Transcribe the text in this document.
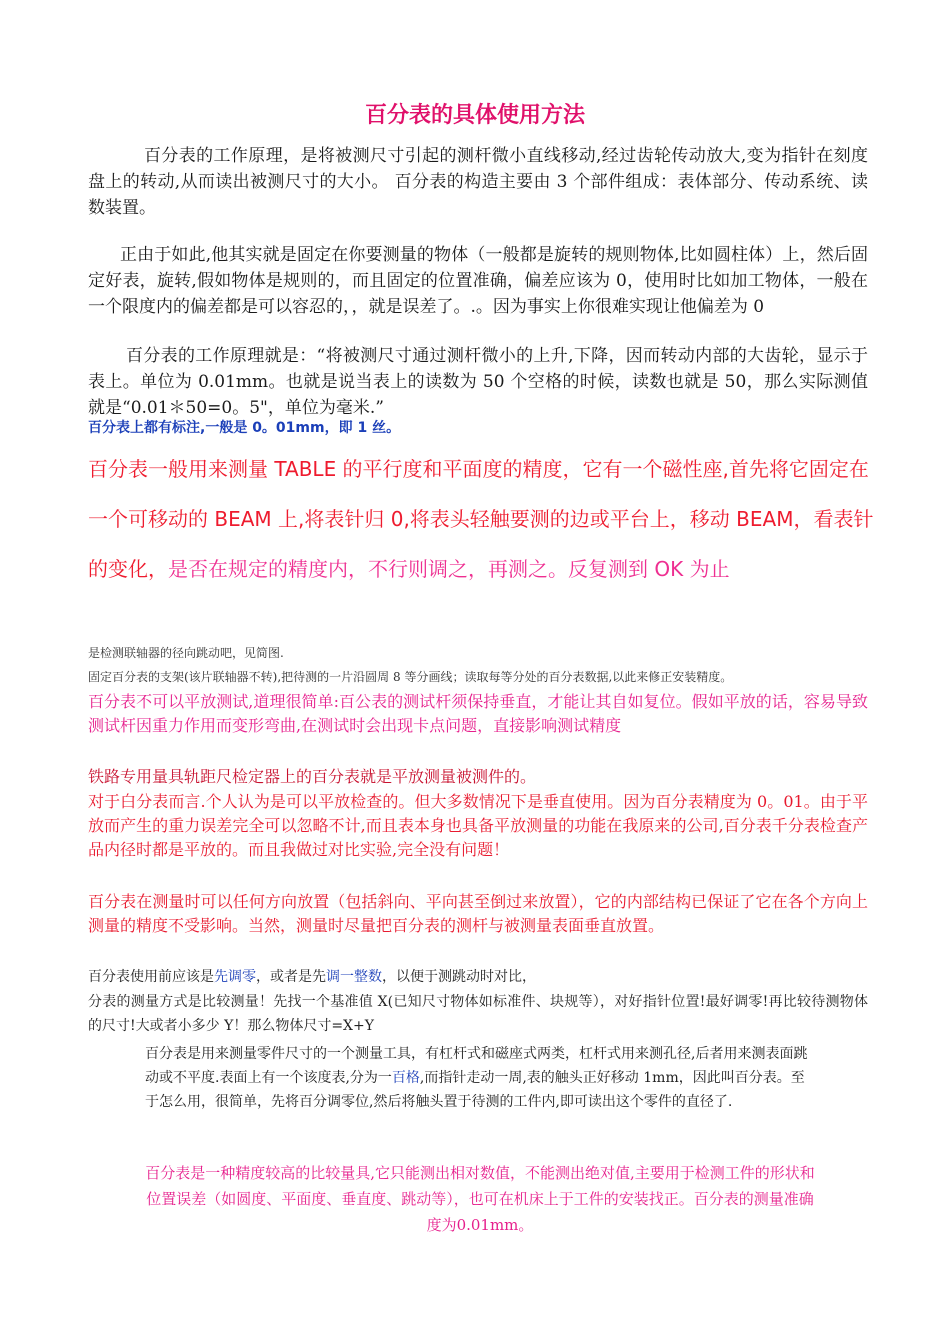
百分表的具体使用方法

百分表的工作原理，是将被测尺寸引起的测杆微小直线移动,经过齿轮传动放大,变为指针在刻度盘上的转动,从而读出被测尺寸的大小。 百分表的构造主要由 3 个部件组成：表体部分、传动系统、读数装置。

正由于如此,他其实就是固定在你要测量的物体（一般都是旋转的规则物体,比如圆柱体）上，然后固定好表，旋转,假如物体是规则的，而且固定的位置准确，偏差应该为 0，使用时比如加工物体，一般在一个限度内的偏差都是可以容忍的，，就是误差了。.。因为事实上你很难实现让他偏差为 0

百分表的工作原理就是：“将被测尺寸通过测杆微小的上升,下降，因而转动内部的大齿轮，显示于表上。单位为 0.01mm。也就是说当表上的读数为 50 个空格的时候，读数也就是 50，那么实际测值就是“0.01＊50=0。5"，单位为毫米.”

百分表上都有标注,一般是 0。01mm，即 1 丝。

百分表一般用来测量 TABLE 的平行度和平面度的精度，它有一个磁性座,首先将它固定在一个可移动的 BEAM 上,将表针归 0,将表头轻触要测的边或平台上，移动 BEAM，看表针的变化，是否在规定的精度内，不行则调之，再测之。反复测到 OK 为止

是检测联轴器的径向跳动吧，见简图.

固定百分表的支架(该片联轴器不转),把待测的一片沿圆周 8 等分画线；读取每等分处的百分表数据,以此来修正安装精度。

百分表不可以平放测试,道理很简单:百公表的测试杆须保持垂直，才能让其自如复位。假如平放的话，容易导致测试杆因重力作用而变形弯曲,在测试时会出现卡点问题，直接影响测试精度

铁路专用量具轨距尺检定器上的百分表就是平放测量被测件的。

对于白分表而言.个人认为是可以平放检查的。但大多数情况下是垂直使用。因为百分表精度为 0。01。由于平放而产生的重力误差完全可以忽略不计,而且表本身也具备平放测量的功能在我原来的公司,百分表千分表检查产品内径时都是平放的。而且我做过对比实验,完全没有问题！

百分表在测量时可以任何方向放置（包括斜向、平向甚至倒过来放置），它的内部结构已保证了它在各个方向上测量的精度不受影响。当然，测量时尽量把百分表的测杆与被测量表面垂直放置。

百分表使用前应该是先调零，或者是先调一整数，以便于测跳动时对比，

分表的测量方式是比较测量！先找一个基准值 X(已知尺寸物体如标准件、块规等），对好指针位置!最好调零!再比较待测物体的尺寸!大或者小多少 Y！那么物体尺寸=X+Y

百分表是用来测量零件尺寸的一个测量工具，有杠杆式和磁座式两类，杠杆式用来测孔径,后者用来测表面跳动或不平度.表面上有一个该度表,分为一百格,而指针走动一周,表的触头正好移动 1mm，因此叫百分表。至于怎么用，很简单，先将百分调零位,然后将触头置于待测的工件内,即可读出这个零件的直径了.

百分表是一种精度较高的比较量具,它只能测出相对数值，不能测出绝对值,主要用于检测工件的形状和位置误差（如圆度、平面度、垂直度、跳动等），也可在机床上于工件的安装找正。百分表的测量准确度为0.01mm。
